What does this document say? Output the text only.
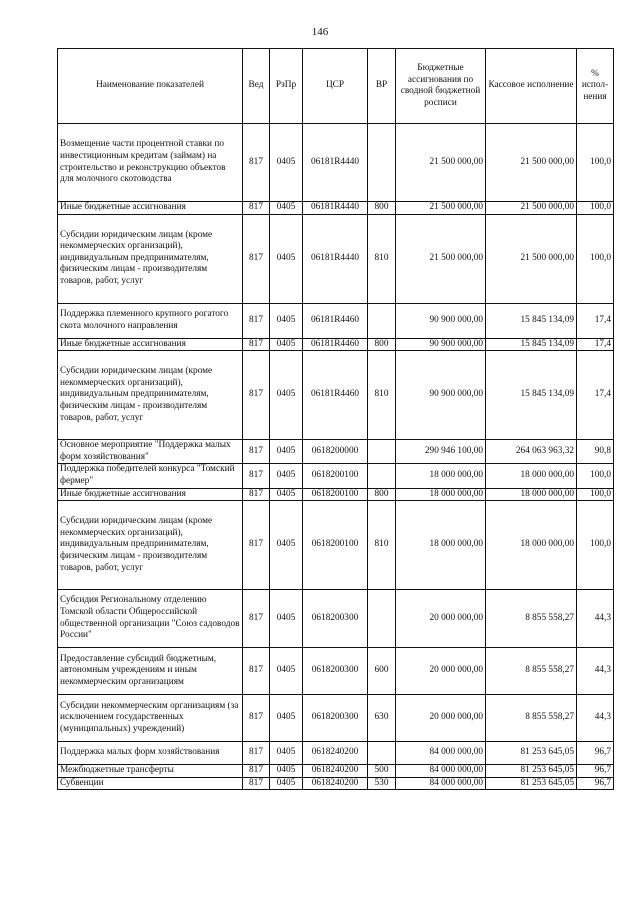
146
Наименование показателей	Вед	РзПр	ЦСР	ВР	Бюджетные ассигнования по сводной бюджетной росписи	Кассовое исполнение	% испол- нения
Возмещение части процентной ставки по инвестиционным кредитам (займам) на строительство и реконструкцию объектов для молочного скотоводства	817	0405	06181R4440		21 500 000,00	21 500 000,00	100,0
Иные бюджетные ассигнования	817	0405	06181R4440	800	21 500 000,00	21 500 000,00	100,0
Субсидии юридическим лицам (кроме некоммерческих организаций), индивидуальным предпринимателям, физическим лицам - производителям товаров, работ, услуг	817	0405	06181R4440	810	21 500 000,00	21 500 000,00	100,0
Поддержка племенного крупного рогатого скота молочного направления	817	0405	06181R4460		90 900 000,00	15 845 134,09	17,4
Иные бюджетные ассигнования	817	0405	06181R4460	800	90 900 000,00	15 845 134,09	17,4
Субсидии юридическим лицам (кроме некоммерческих организаций), индивидуальным предпринимателям, физическим лицам - производителям товаров, работ, услуг	817	0405	06181R4460	810	90 900 000,00	15 845 134,09	17,4
Основное мероприятие "Поддержка малых форм хозяйствования"	817	0405	0618200000		290 946 100,00	264 063 963,32	90,8
Поддержка победителей конкурса "Томский фермер"	817	0405	0618200100		18 000 000,00	18 000 000,00	100,0
Иные бюджетные ассигнования	817	0405	0618200100	800	18 000 000,00	18 000 000,00	100,0
Субсидии юридическим лицам (кроме некоммерческих организаций), индивидуальным предпринимателям, физическим лицам - производителям товаров, работ, услуг	817	0405	0618200100	810	18 000 000,00	18 000 000,00	100,0
Субсидия Региональному отделению Томской области Общероссийской общественной организации "Союз садоводов России"	817	0405	0618200300		20 000 000,00	8 855 558,27	44,3
Предоставление субсидий бюджетным, автономным учреждениям и иным некоммерческим организациям	817	0405	0618200300	600	20 000 000,00	8 855 558,27	44,3
Субсидии некоммерческим организациям (за исключением государственных (муниципальных) учреждений)	817	0405	0618200300	630	20 000 000,00	8 855 558,27	44,3
Поддержка малых форм хозяйствования	817	0405	0618240200		84 000 000,00	81 253 645,05	96,7
Межбюджетные трансферты	817	0405	0618240200	500	84 000 000,00	81 253 645,05	96,7
Субвенции	817	0405	0618240200	530	84 000 000,00	81 253 645,05	96,7
